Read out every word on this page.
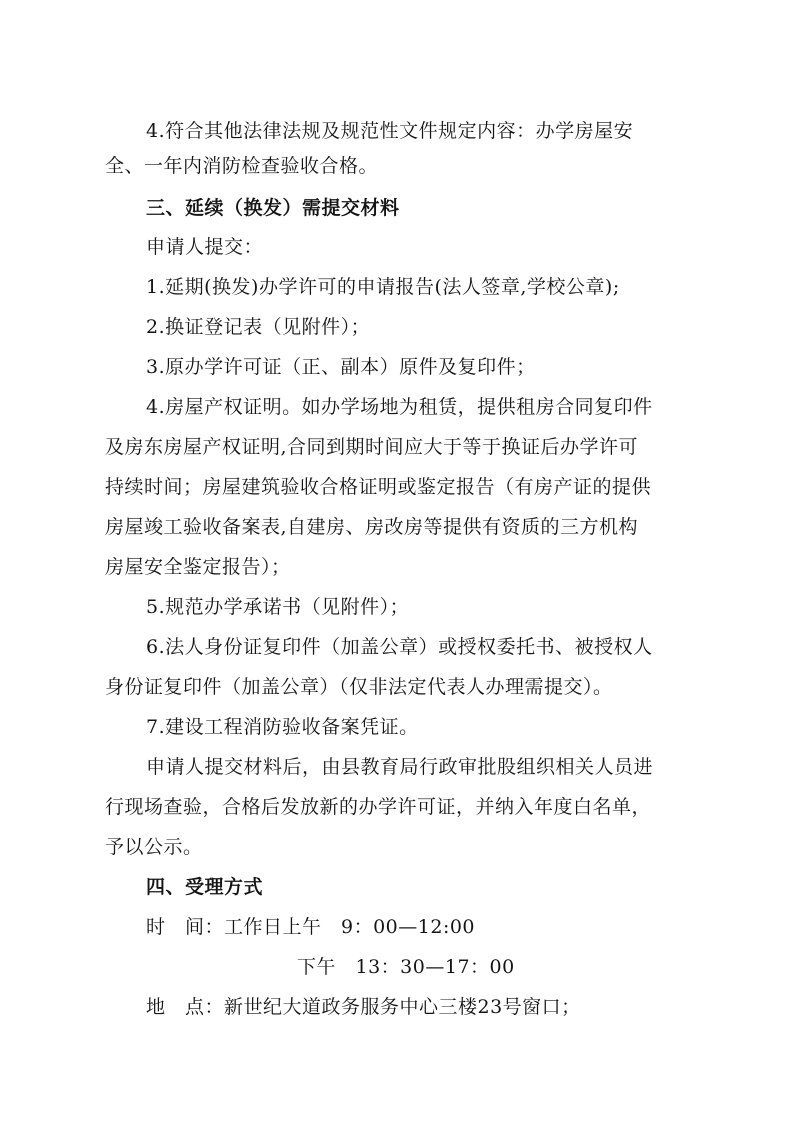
4.符合其他法律法规及规范性文件规定内容：办学房屋安
全、一年内消防检查验收合格。
三、延续（换发）需提交材料
申请人提交：
1.延期(换发)办学许可的申请报告(法人签章,学校公章);
2.换证登记表（见附件）；
3.原办学许可证（正、副本）原件及复印件；
4.房屋产权证明。如办学场地为租赁，提供租房合同复印件
及房东房屋产权证明,合同到期时间应大于等于换证后办学许可
持续时间；房屋建筑验收合格证明或鉴定报告（有房产证的提供
房屋竣工验收备案表,自建房、房改房等提供有资质的三方机构
房屋安全鉴定报告）；
5.规范办学承诺书（见附件）；
6.法人身份证复印件（加盖公章）或授权委托书、被授权人
身份证复印件（加盖公章）（仅非法定代表人办理需提交）。
7.建设工程消防验收备案凭证。
申请人提交材料后，由县教育局行政审批股组织相关人员进
行现场查验，合格后发放新的办学许可证，并纳入年度白名单，
予以公示。
四、受理方式
时　间：工作日上午　9：00—12:00
下午　13：30—17：00
地　点：新世纪大道政务服务中心三楼23号窗口；
